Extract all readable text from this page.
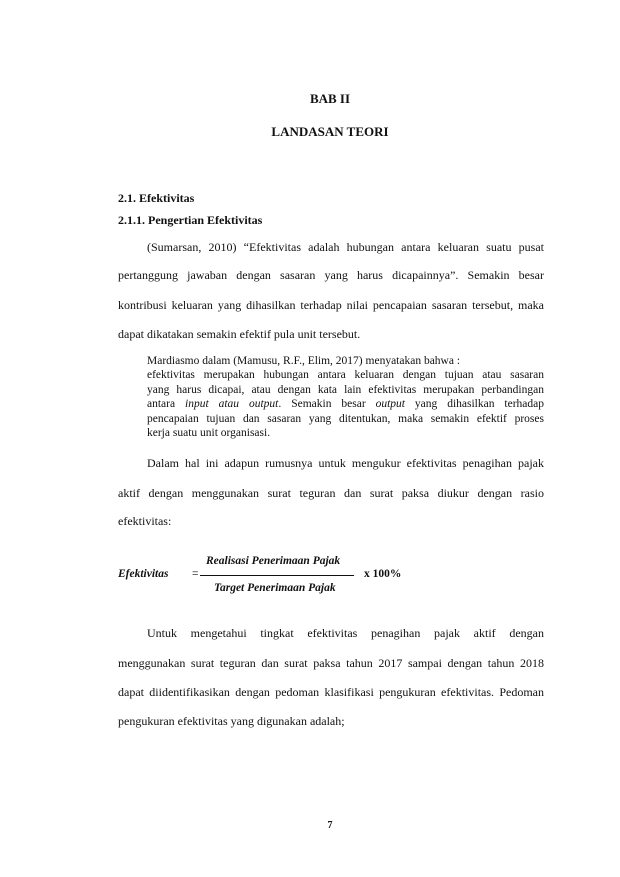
BAB II
LANDASAN TEORI
2.1. Efektivitas
2.1.1. Pengertian Efektivitas
(Sumarsan, 2010) “Efektivitas adalah hubungan antara keluaran suatu pusat
pertanggung jawaban dengan sasaran yang harus dicapainnya”. Semakin besar
kontribusi keluaran yang dihasilkan terhadap nilai pencapaian sasaran tersebut, maka
dapat dikatakan semakin efektif pula unit tersebut.
Mardiasmo dalam (Mamusu, R.F., Elim, 2017) menyatakan bahwa :
efektivitas merupakan hubungan antara keluaran dengan tujuan atau sasaran
yang harus dicapai, atau dengan kata lain efektivitas merupakan perbandingan
antara input atau output. Semakin besar output yang dihasilkan terhadap
pencapaian tujuan dan sasaran yang ditentukan, maka semakin efektif proses
kerja suatu unit organisasi.
Dalam hal ini adapun rumusnya untuk mengukur efektivitas penagihan pajak
aktif dengan menggunakan surat teguran dan surat paksa diukur dengan rasio
efektivitas:
Realisasi Penerimaan Pajak
Efektivitas =	x 100%
Target Penerimaan Pajak
Untuk mengetahui tingkat efektivitas penagihan pajak aktif dengan
menggunakan surat teguran dan surat paksa tahun 2017 sampai dengan tahun 2018
dapat diidentifikasikan dengan pedoman klasifikasi pengukuran efektivitas. Pedoman
pengukuran efektivitas yang digunakan adalah;
7
